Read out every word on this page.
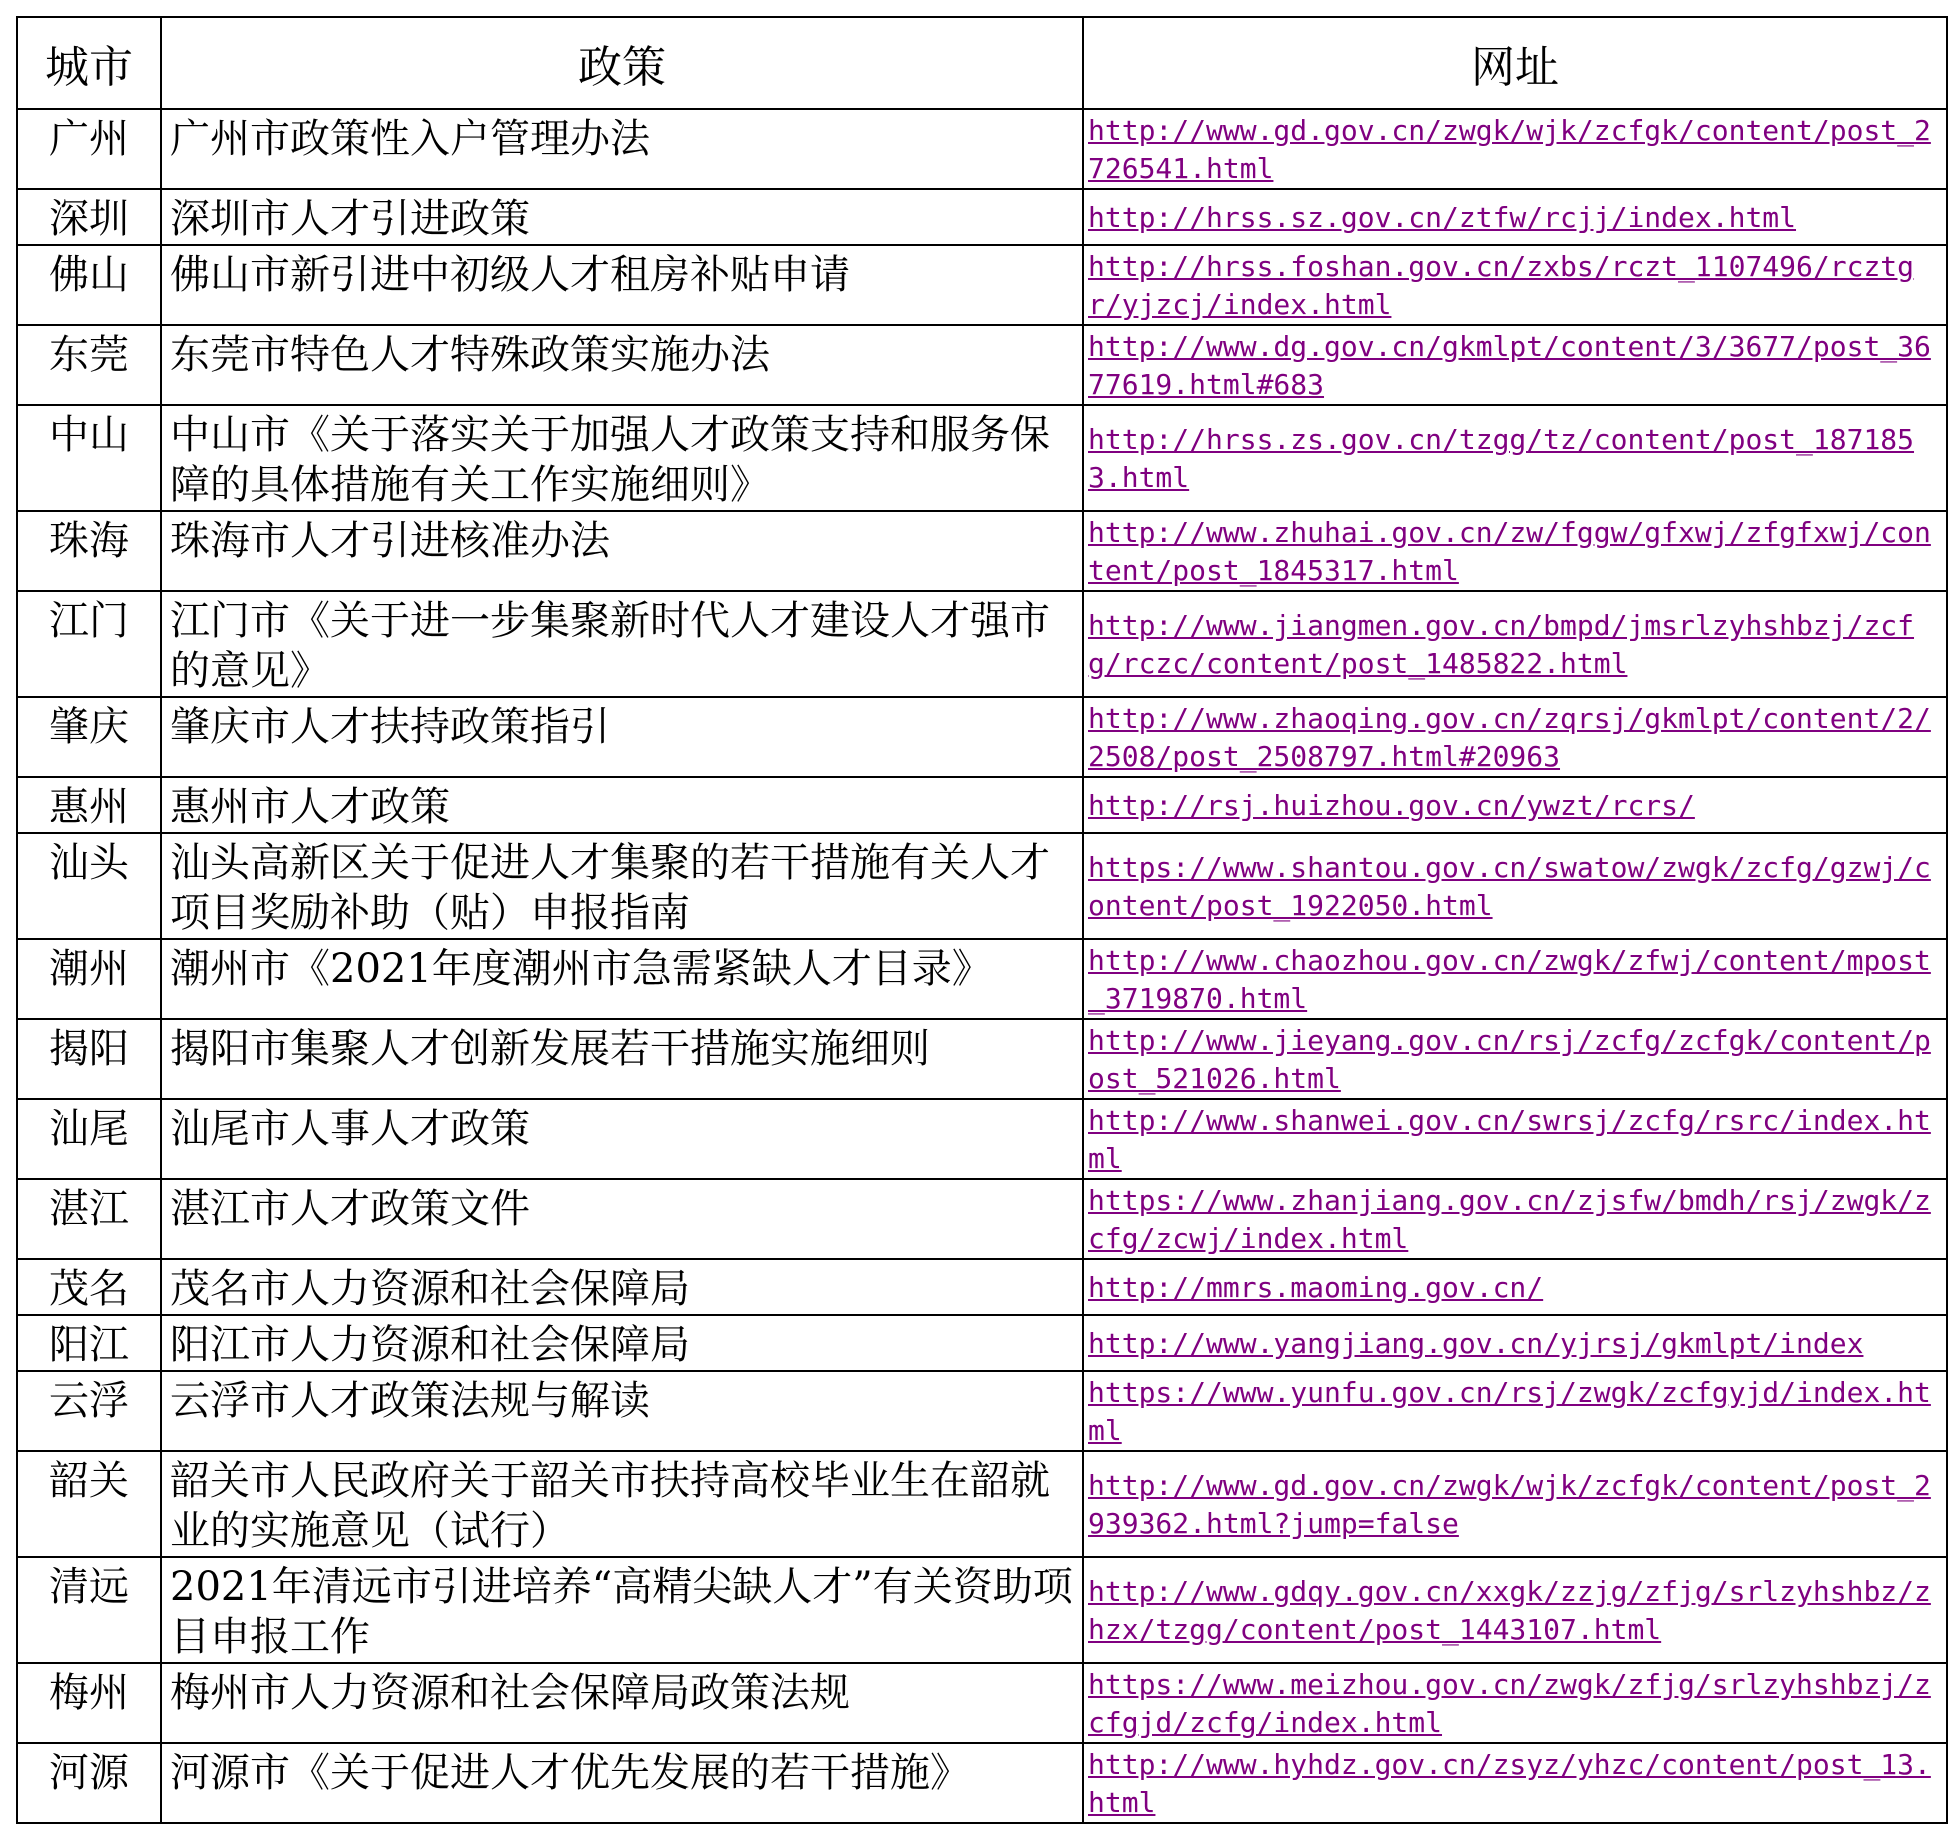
城市	政策	网址
广州	广州市政策性入户管理办法	http://www.gd.gov.cn/zwgk/wjk/zcfgk/content/post_2726541.html

深圳	深圳市人才引进政策	http://hrss.sz.gov.cn/ztfw/rcjj/index.html

佛山	佛山市新引进中初级人才租房补贴申请	http://hrss.foshan.gov.cn/zxbs/rczt_1107496/rcztgr/yjzcj/index.html

东莞	东莞市特色人才特殊政策实施办法	http://www.dg.gov.cn/gkmlpt/content/3/3677/post_3677619.html#683

中山	中山市《关于落实关于加强人才政策支持和服务保障的具体措施有关工作实施细则》	http://hrss.zs.gov.cn/tzgg/tz/content/post_1871853.html

珠海	珠海市人才引进核准办法	http://www.zhuhai.gov.cn/zw/fggw/gfxwj/zfgfxwj/content/post_1845317.html

江门	江门市《关于进一步集聚新时代人才建设人才强市的意见》	http://www.jiangmen.gov.cn/bmpd/jmsrlzyhshbzj/zcfg/rczc/content/post_1485822.html

肇庆	肇庆市人才扶持政策指引	http://www.zhaoqing.gov.cn/zqrsj/gkmlpt/content/2/2508/post_2508797.html#20963

惠州	惠州市人才政策	http://rsj.huizhou.gov.cn/ywzt/rcrs/

汕头	汕头高新区关于促进人才集聚的若干措施有关人才项目奖励补助（贴）申报指南	https://www.shantou.gov.cn/swatow/zwgk/zcfg/gzwj/content/post_1922050.html

潮州	潮州市《2021年度潮州市急需紧缺人才目录》	http://www.chaozhou.gov.cn/zwgk/zfwj/content/mpost_3719870.html

揭阳	揭阳市集聚人才创新发展若干措施实施细则	http://www.jieyang.gov.cn/rsj/zcfg/zcfgk/content/post_521026.html

汕尾	汕尾市人事人才政策	http://www.shanwei.gov.cn/swrsj/zcfg/rsrc/index.html

湛江	湛江市人才政策文件	https://www.zhanjiang.gov.cn/zjsfw/bmdh/rsj/zwgk/zcfg/zcwj/index.html

茂名	茂名市人力资源和社会保障局	http://mmrs.maoming.gov.cn/

阳江	阳江市人力资源和社会保障局	http://www.yangjiang.gov.cn/yjrsj/gkmlpt/index

云浮	云浮市人才政策法规与解读	https://www.yunfu.gov.cn/rsj/zwgk/zcfgyjd/index.html

韶关	韶关市人民政府关于韶关市扶持高校毕业生在韶就业的实施意见（试行）	http://www.gd.gov.cn/zwgk/wjk/zcfgk/content/post_2939362.html?jump=false

清远	2021年清远市引进培养“高精尖缺人才”有关资助项目申报工作	http://www.gdqy.gov.cn/xxgk/zzjg/zfjg/srlzyhshbz/zhzx/tzgg/content/post_1443107.html

梅州	梅州市人力资源和社会保障局政策法规	https://www.meizhou.gov.cn/zwgk/zfjg/srlzyhshbzj/zcfgjd/zcfg/index.html

河源	河源市《关于促进人才优先发展的若干措施》	http://www.hyhdz.gov.cn/zsyz/yhzc/content/post_13.html
